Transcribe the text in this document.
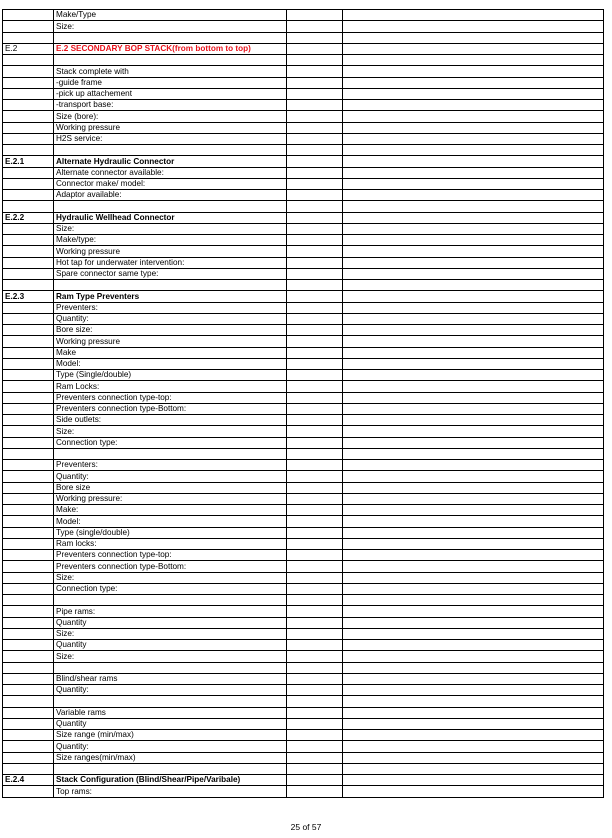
	Make/Type		
	Size:		

E.2	E.2 SECONDARY BOP STACK(from bottom to top)		

	Stack complete with		
	-guide frame		
	-pick up attachement		
	-transport base:		
	Size (bore):		
	Working pressure		
	H2S service:		

E.2.1	Alternate Hydraulic Connector		
	Alternate connector available:		
	Connector make/ model:		
	Adaptor available:		

E.2.2	Hydraulic Wellhead Connector		
	Size:		
	Make/type:		
	Working pressure		
	Hot tap for underwater intervention:		
	Spare connector same type:		

E.2.3	Ram Type Preventers		
	Preventers:		
	Quantity:		
	Bore size:		
	Working pressure		
	Make		
	Model:		
	Type (Single/double)		
	Ram Locks:		
	Preventers connection type-top:		
	Preventers connection type-Bottom:		
	Side outlets:		
	Size:		
	Connection type:		

	Preventers:		
	Quantity:		
	Bore size		
	Working pressure:		
	Make:		
	Model:		
	Type (single/double)		
	Ram locks:		
	Preventers connection type-top:		
	Preventers connection type-Bottom:		
	Size:		
	Connection type:		

	Pipe rams:		
	Quantity		
	Size:		
	Quantity		
	Size:		

	Blind/shear rams		
	Quantity:		

	Variable rams		
	Quantity		
	Size range (min/max)		
	Quantity:		
	Size ranges(min/max)		

E.2.4	Stack Configuration (Blind/Shear/Pipe/Varibale)		
	Top rams:		
25 of 57
